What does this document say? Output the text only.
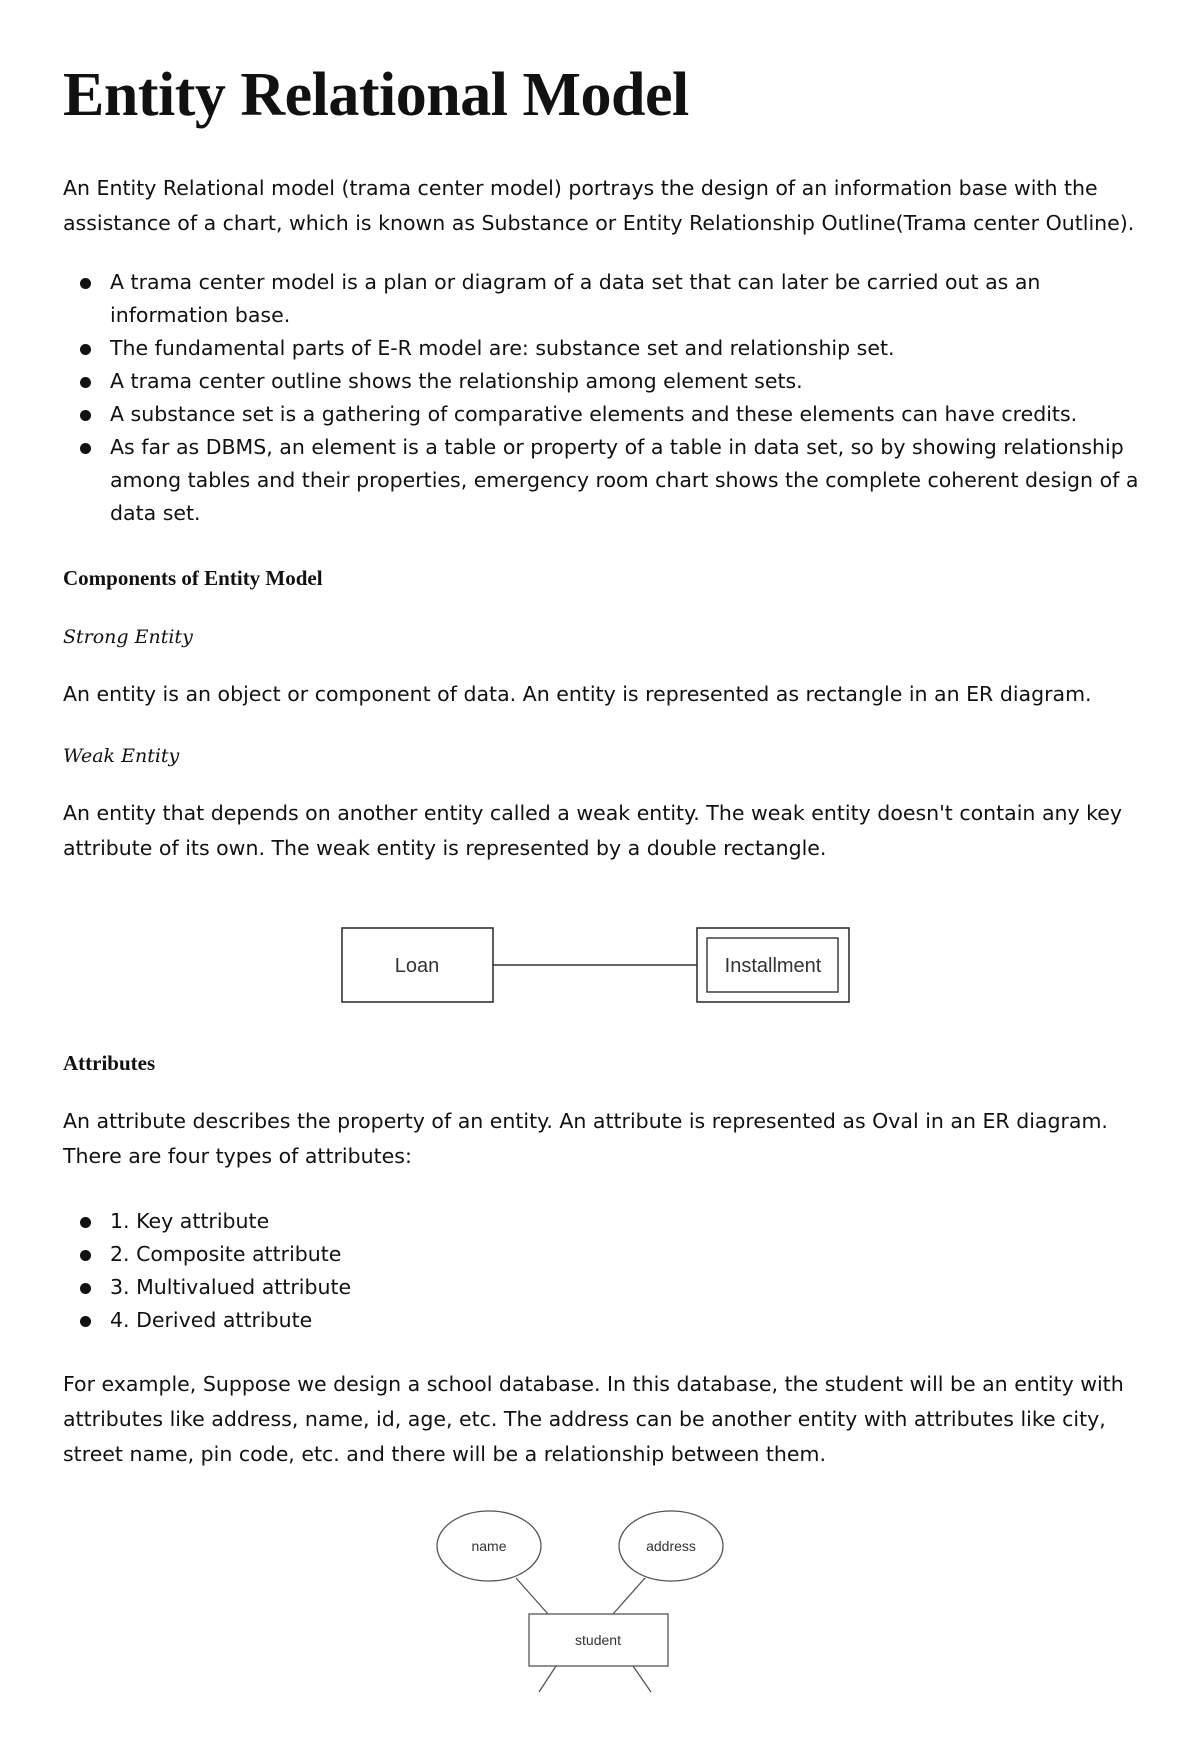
Entity Relational Model

An Entity Relational model (trama center model) portrays the design of an information base with the assistance of a chart, which is known as Substance or Entity Relationship Outline(Trama center Outline).

A trama center model is a plan or diagram of a data set that can later be carried out as an information base.
The fundamental parts of E-R model are: substance set and relationship set.
A trama center outline shows the relationship among element sets.
A substance set is a gathering of comparative elements and these elements can have credits.
As far as DBMS, an element is a table or property of a table in data set, so by showing relationship among tables and their properties, emergency room chart shows the complete coherent design of a data set.

Components of Entity Model

Strong Entity

An entity is an object or component of data. An entity is represented as rectangle in an ER diagram.

Weak Entity

An entity that depends on another entity called a weak entity. The weak entity doesn't contain any key attribute of its own. The weak entity is represented by a double rectangle.

Loan	Installment

Attributes

An attribute describes the property of an entity. An attribute is represented as Oval in an ER diagram. There are four types of attributes:

1. Key attribute
2. Composite attribute
3. Multivalued attribute
4. Derived attribute

For example, Suppose we design a school database. In this database, the student will be an entity with attributes like address, name, id, age, etc. The address can be another entity with attributes like city, street name, pin code, etc. and there will be a relationship between them.

name	address
student
